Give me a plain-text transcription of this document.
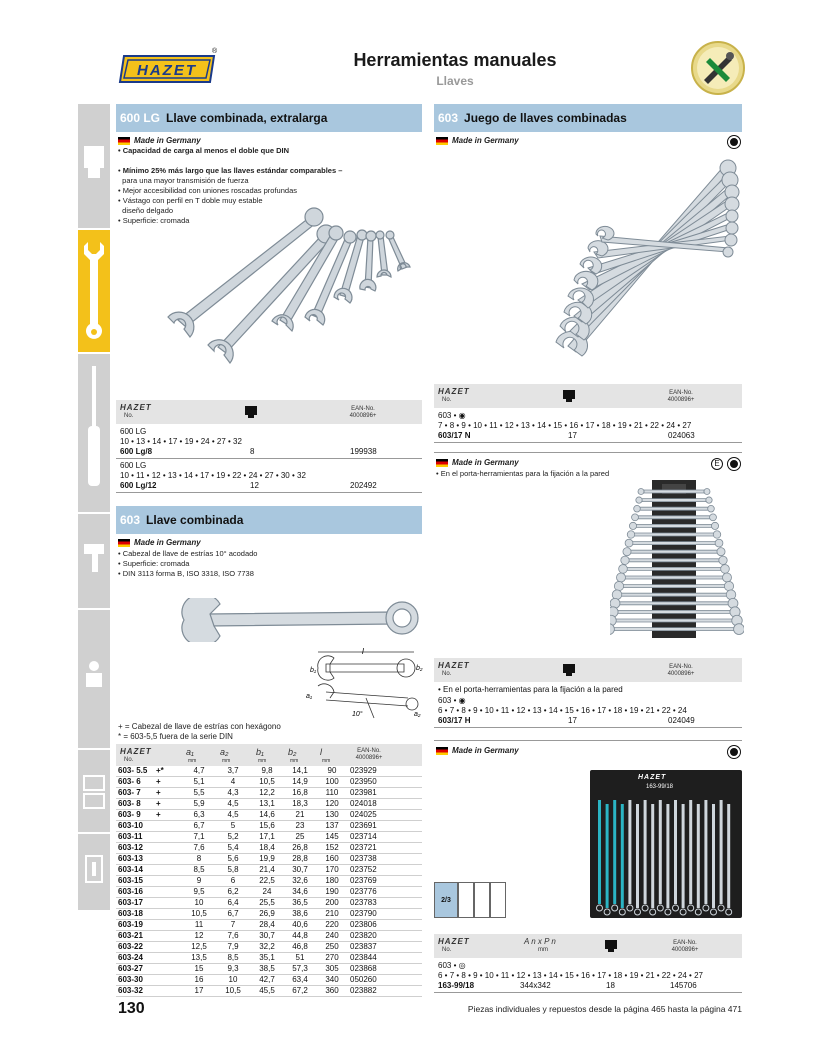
HAZET
®	Herramientas manuales
Llaves
600 LG Llave combinada, extralarga
Made in Germany
• Capacidad de carga al menos el doble que DIN
• Mínimo 25% más largo que las llaves estándar comparables –
para una mayor transmisión de fuerza
• Mejor accesibilidad con uniones roscadas profundas
• Vástago con perfil en T doble muy estable
diseño delgado
• Superficie: cromada
HAZET
No.
EAN-No.
4000896+
600 LG
10 • 13 • 14 • 17 • 19 • 24 • 27 • 32
600 Lg/8	8	199938
600 LG
10 • 11 • 12 • 13 • 14 • 17 • 19 • 22 • 24 • 27 • 30 • 32
600 Lg/12	12	202492
603 Llave combinada
Made in Germany
• Cabezal de llave de estrías 10° acodado
• Superficie: cromada
• DIN 3113 forma B, ISO 3318, ISO 7738
l
b₁	b₂
a₁
a₂
10°
+ = Cabezal de llave de estrías con hexágono
* = 603-5,5 fuera de la serie DIN
HAZET
No.
a₁	a₂	b₁	b₂	l
mm	mm	mm	mm	mm
EAN-No.
4000896+
603- 5.5	+*	4,7	3,7	9,8	14,1	90	023929
603- 6	+	5,1	4	10,5	14,9	100	023950
603- 7	+	5,5	4,3	12,2	16,8	110	023981
603- 8	+	5,9	4,5	13,1	18,3	120	024018
603- 9	+	6,3	4,5	14,6	21	130	024025
603-10		6,7	5	15,6	23	137	023691
603-11		7,1	5,2	17,1	25	145	023714
603-12		7,6	5,4	18,4	26,8	152	023721
603-13		8	5,6	19,9	28,8	160	023738
603-14		8,5	5,8	21,4	30,7	170	023752
603-15		9	6	22,5	32,6	180	023769
603-16		9,5	6,2	24	34,6	190	023776
603-17		10	6,4	25,5	36,5	200	023783
603-18		10,5	6,7	26,9	38,6	210	023790
603-19		11	7	28,4	40,6	220	023806
603-21		12	7,6	30,7	44,8	240	023820
603-22		12,5	7,9	32,2	46,8	250	023837
603-24		13,5	8,5	35,1	51	270	023844
603-27		15	9,3	38,5	57,3	305	023868
603-30		16	10	42,7	63,4	340	050260
603-32		17	10,5	45,5	67,2	360	023882
603 Juego de llaves combinadas
Made in Germany
HAZET
No.
EAN-No.
4000896+
603 • ◉
7 • 8 • 9 • 10 • 11 • 12 • 13 • 14 • 15 • 16 • 17 • 18 • 19 • 21 • 22 • 24 • 27
603/17 N	17	024063
Made in Germany
• En el porta-herramientas para la fijación a la pared
E
HAZET
No.
EAN-No.
4000896+
• En el porta-herramientas para la fijación a la pared
603 • ◉
6 • 7 • 8 • 9 • 10 • 11 • 12 • 13 • 14 • 15 • 16 • 17 • 18 • 19 • 21 • 22 • 24
603/17 H	17	024049
Made in Germany
HAZET
163-99/18
2/3
HAZET
No.
A n x P n
mm
EAN-No.
4000896+
603 • ◎
6 • 7 • 8 • 9 • 10 • 11 • 12 • 13 • 14 • 15 • 16 • 17 • 18 • 19 • 21 • 22 • 24 • 27
163-99/18	344x342	18	145706
130	Piezas individuales y repuestos desde la página 465 hasta la página 471
